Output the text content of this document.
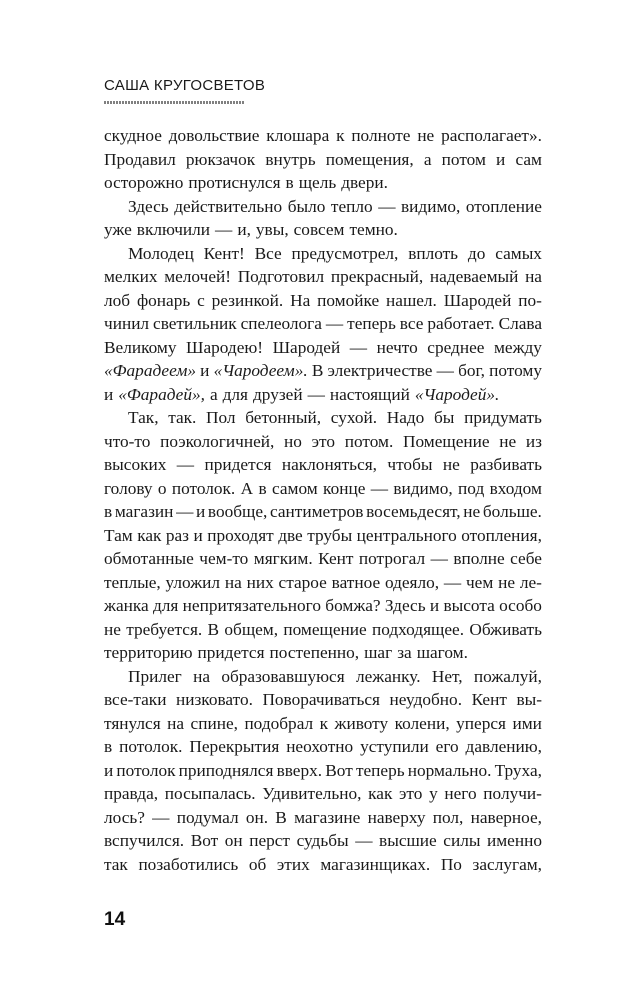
САША КРУГОСВЕТОВ
скудное довольствие клошара к полноте не располагает».
Продавил рюкзачок внутрь помещения, а потом и сам
осторожно протиснулся в щель двери.
Здесь действительно было тепло — видимо, отопление
уже включили — и, увы, совсем темно.
Молодец Кент! Все предусмотрел, вплоть до самых
мелких мелочей! Подготовил прекрасный, надеваемый на
лоб фонарь с резинкой. На помойке нашел. Шародей по-
чинил светильник спелеолога — теперь все работает. Слава
Великому Шародею! Шародей — нечто среднее между
«Фарадеем» и «Чародеем». В электричестве — бог, потому
и «Фарадей», а для друзей — настоящий «Чародей».
Так, так. Пол бетонный, сухой. Надо бы придумать
что-то поэкологичней, но это потом. Помещение не из
высоких — придется наклоняться, чтобы не разбивать
голову о потолок. А в самом конце — видимо, под входом
в магазин — и вообще, сантиметров восемьдесят, не больше.
Там как раз и проходят две трубы центрального отопления,
обмотанные чем-то мягким. Кент потрогал — вполне себе
теплые, уложил на них старое ватное одеяло, — чем не ле-
жанка для непритязательного бомжа? Здесь и высота особо
не требуется. В общем, помещение подходящее. Обживать
территорию придется постепенно, шаг за шагом.
Прилег на образовавшуюся лежанку. Нет, пожалуй,
все-таки низковато. Поворачиваться неудобно. Кент вы-
тянулся на спине, подобрал к животу колени, уперся ими
в потолок. Перекрытия неохотно уступили его давлению,
и потолок приподнялся вверх. Вот теперь нормально. Труха,
правда, посыпалась. Удивительно, как это у него получи-
лось? — подумал он. В магазине наверху пол, наверное,
вспучился. Вот он перст судьбы — высшие силы именно
так позаботились об этих магазинщиках. По заслугам,
14
